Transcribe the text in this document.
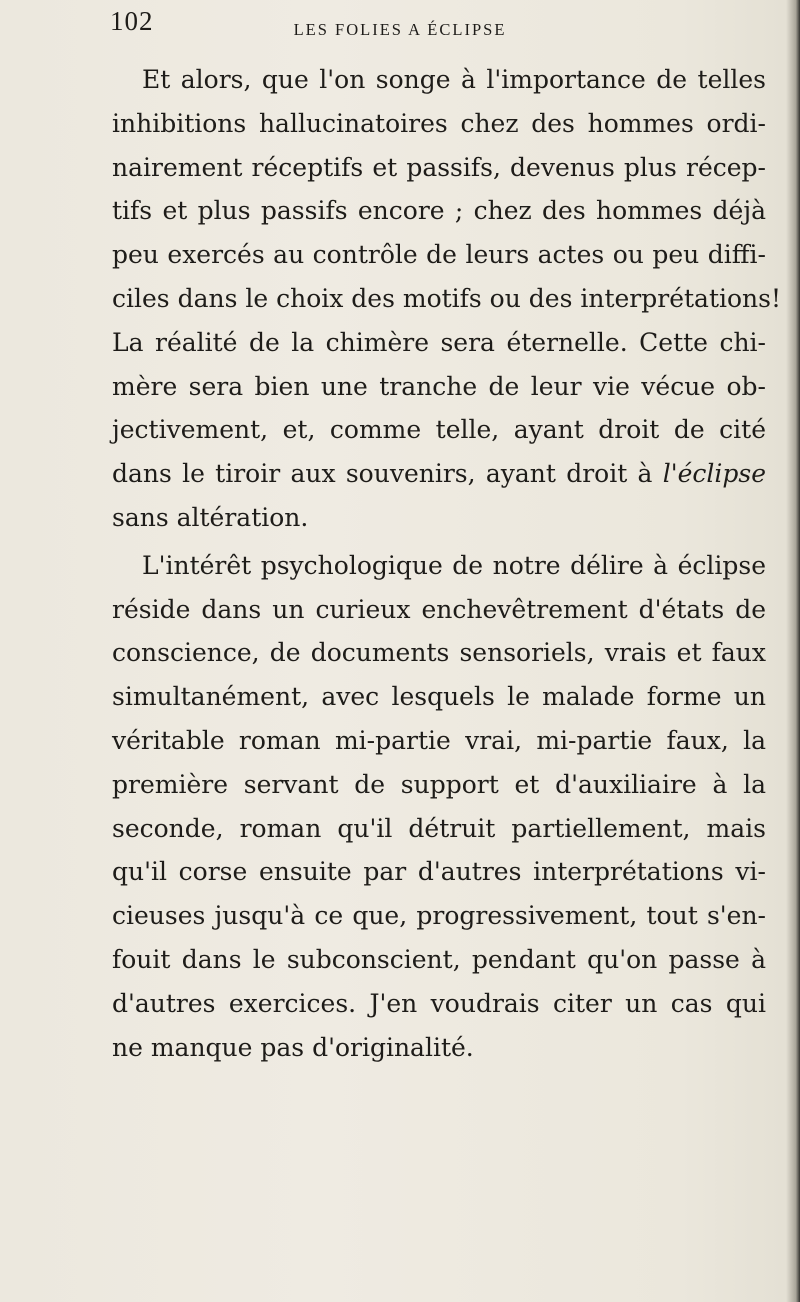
102	LES FOLIES A ÉCLIPSE
Et alors, que l'on songe à l'importance de telles
inhibitions hallucinatoires chez des hommes ordi-
nairement réceptifs et passifs, devenus plus récep-
tifs et plus passifs encore ; chez des hommes déjà
peu exercés au contrôle de leurs actes ou peu diffi-
ciles dans le choix des motifs ou des interprétations!
La réalité de la chimère sera éternelle. Cette chi-
mère sera bien une tranche de leur vie vécue ob-
jectivement, et, comme telle, ayant droit de cité
dans le tiroir aux souvenirs, ayant droit à l'éclipse
sans altération.
L'intérêt psychologique de notre délire à éclipse
réside dans un curieux enchevêtrement d'états de
conscience, de documents sensoriels, vrais et faux
simultanément, avec lesquels le malade forme un
véritable roman mi-partie vrai, mi-partie faux, la
première servant de support et d'auxiliaire à la
seconde, roman qu'il détruit partiellement, mais
qu'il corse ensuite par d'autres interprétations vi-
cieuses jusqu'à ce que, progressivement, tout s'en-
fouit dans le subconscient, pendant qu'on passe à
d'autres exercices. J'en voudrais citer un cas qui
ne manque pas d'originalité.
